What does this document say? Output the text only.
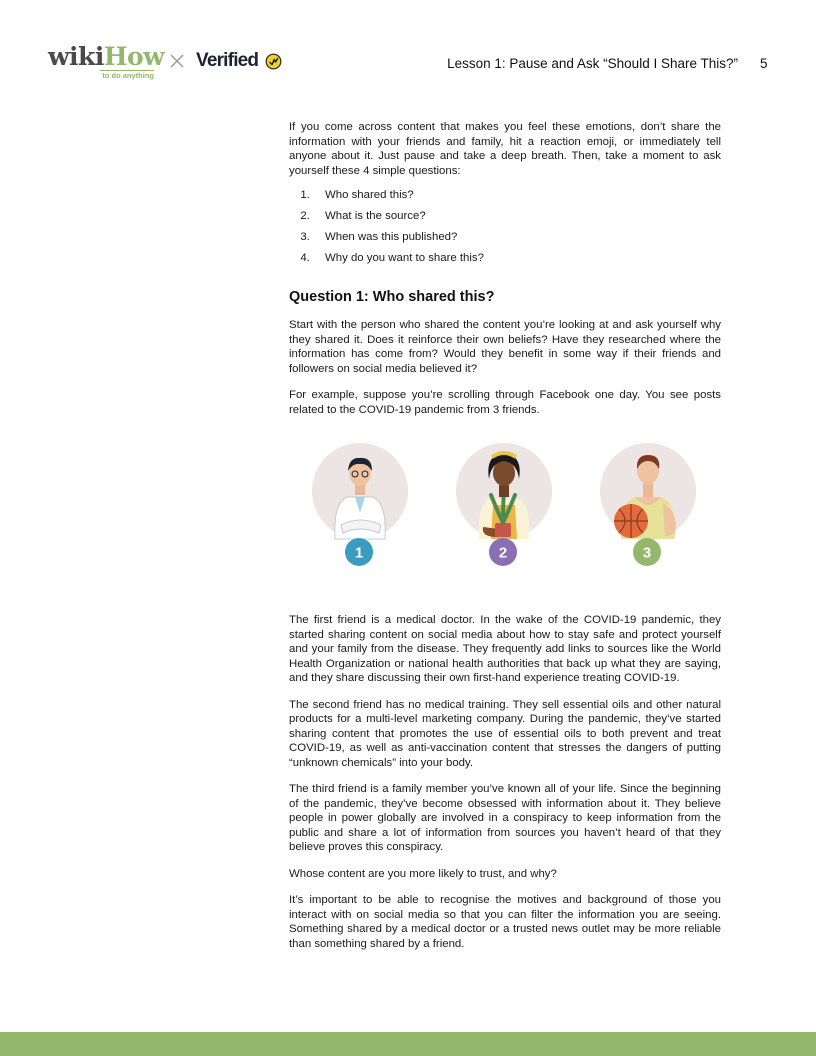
wikiHow
to do anything
Verified	Lesson 1: Pause and Ask “Should I Share This?” 5

If you come across content that makes you feel these emotions, don’t share the information with your friends and family, hit a reaction emoji, or immediately tell anyone about it. Just pause and take a deep breath. Then, take a moment to ask yourself these 4 simple questions:

1. Who shared this?
2. What is the source?
3. When was this published?
4. Why do you want to share this?
Question 1: Who shared this?

Start with the person who shared the content you’re looking at and ask yourself why they shared it. Does it reinforce their own beliefs? Have they researched where the information has come from? Would they benefit in some way if their friends and followers on social media believed it?

For example, suppose you’re scrolling through Facebook one day. You see posts related to the COVID-19 pandemic from 3 friends.

1	2	3

The first friend is a medical doctor. In the wake of the COVID-19 pandemic, they started sharing content on social media about how to stay safe and protect yourself and your family from the disease. They frequently add links to sources like the World Health Organization or national health authorities that back up what they are saying, and they share discussing their own first-hand experience treating COVID-19.

The second friend has no medical training. They sell essential oils and other natural products for a multi-level marketing company. During the pandemic, they’ve started sharing content that promotes the use of essential oils to both prevent and treat COVID-19, as well as anti-vaccination content that stresses the dangers of putting “unknown chemicals” into your body.

The third friend is a family member you’ve known all of your life. Since the beginning of the pandemic, they’ve become obsessed with information about it. They believe people in power globally are involved in a conspiracy to keep information from the public and share a lot of information from sources you haven’t heard of that they believe proves this conspiracy.

Whose content are you more likely to trust, and why?

It’s important to be able to recognise the motives and background of those you interact with on social media so that you can filter the information you are seeing. Something shared by a medical doctor or a trusted news outlet may be more reliable than something shared by a friend.
